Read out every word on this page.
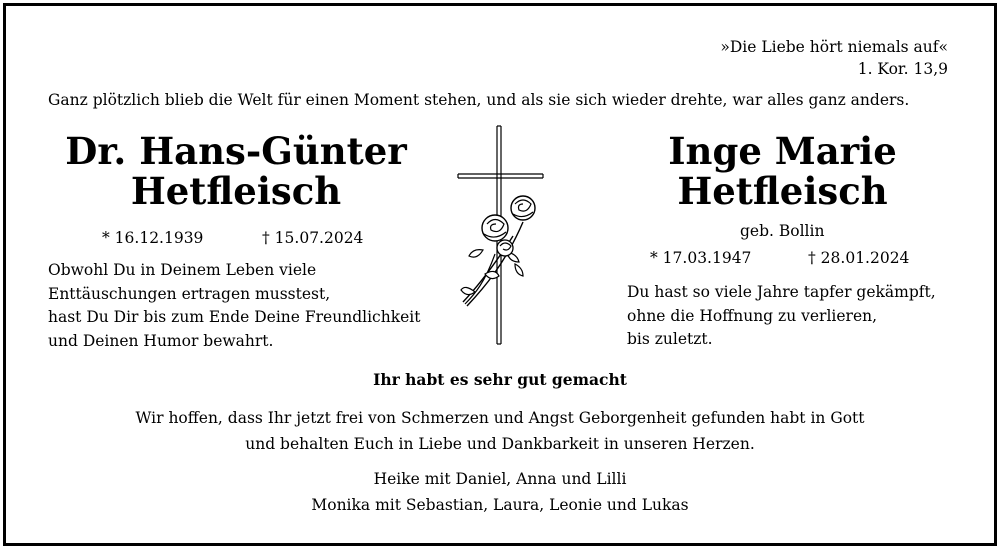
»Die Liebe hört niemals auf«
1. Kor. 13,9
Ganz plötzlich blieb die Welt für einen Moment stehen, und als sie sich wieder drehte, war alles ganz anders.
Dr. Hans-Günter
Hetfleisch
* 16.12.1939	† 15.07.2024
Obwohl Du in Deinem Leben viele
Enttäuschungen ertragen musstest,
hast Du Dir bis zum Ende Deine Freundlichkeit
und Deinen Humor bewahrt.
Inge Marie
Hetfleisch
geb. Bollin
* 17.03.1947	† 28.01.2024
Du hast so viele Jahre tapfer gekämpft,
ohne die Hoffnung zu verlieren,
bis zuletzt.
Ihr habt es sehr gut gemacht
Wir hoffen, dass Ihr jetzt frei von Schmerzen und Angst Geborgenheit gefunden habt in Gott
und behalten Euch in Liebe und Dankbarkeit in unseren Herzen.
Heike mit Daniel, Anna und Lilli
Monika mit Sebastian, Laura, Leonie und Lukas
